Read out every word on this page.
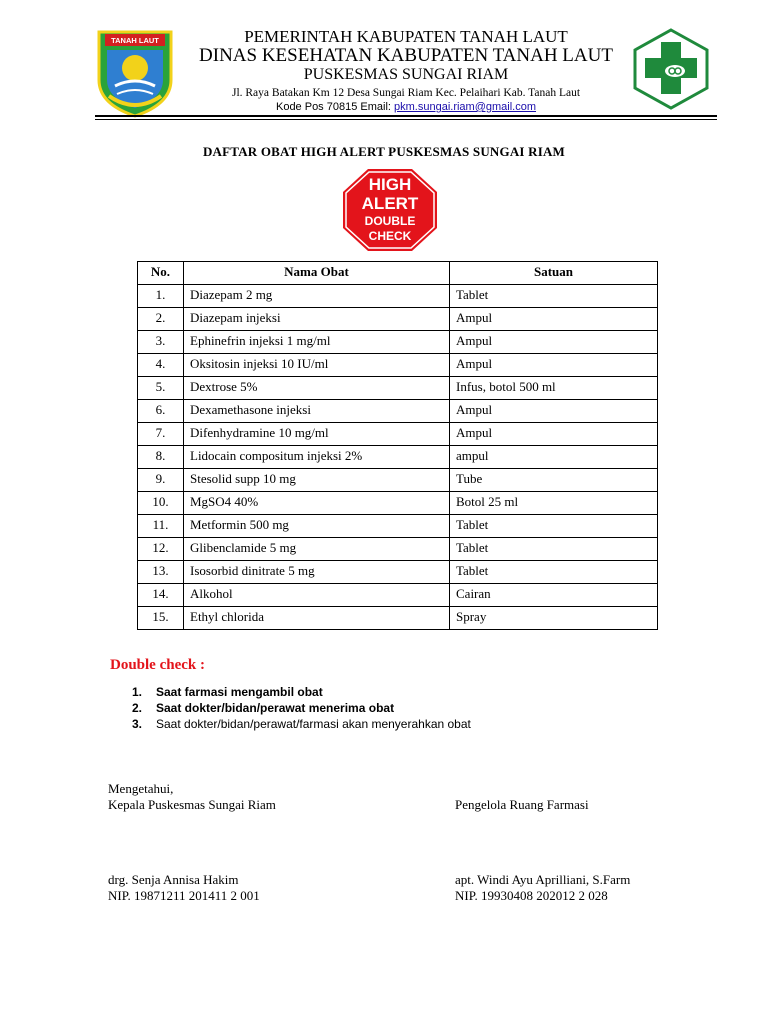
TANAH LAUT	PEMERINTAH KABUPATEN TANAH LAUT
DINAS KESEHATAN KABUPATEN TANAH LAUT
PUSKESMAS SUNGAI RIAM
Jl. Raya Batakan Km 12 Desa Sungai Riam Kec. Pelaihari Kab. Tanah Laut
Kode Pos 70815 Email: pkm.sungai.riam@gmail.com
DAFTAR OBAT HIGH ALERT PUSKESMAS SUNGAI RIAM
HIGH
ALERT
DOUBLE
CHECK
No.	Nama Obat	Satuan
1.	Diazepam 2 mg	Tablet
2.	Diazepam injeksi	Ampul
3.	Ephinefrin injeksi 1 mg/ml	Ampul
4.	Oksitosin injeksi 10 IU/ml	Ampul
5.	Dextrose 5%	Infus, botol 500 ml
6.	Dexamethasone injeksi	Ampul
7.	Difenhydramine 10 mg/ml	Ampul
8.	Lidocain compositum injeksi 2%	ampul
9.	Stesolid supp 10 mg	Tube
10.	MgSO4 40%	Botol 25 ml
11.	Metformin 500 mg	Tablet
12.	Glibenclamide 5 mg	Tablet
13.	Isosorbid dinitrate 5 mg	Tablet
14.	Alkohol	Cairan
15.	Ethyl chlorida	Spray
Double check :
1.	Saat farmasi mengambil obat
2.	Saat dokter/bidan/perawat menerima obat
3.	Saat dokter/bidan/perawat/farmasi akan menyerahkan obat
Mengetahui,
Kepala Puskesmas Sungai Riam	Pengelola Ruang Farmasi
drg. Senja Annisa Hakim
NIP. 19871211 201411 2 001
apt. Windi Ayu Aprilliani, S.Farm
NIP. 19930408 202012 2 028
